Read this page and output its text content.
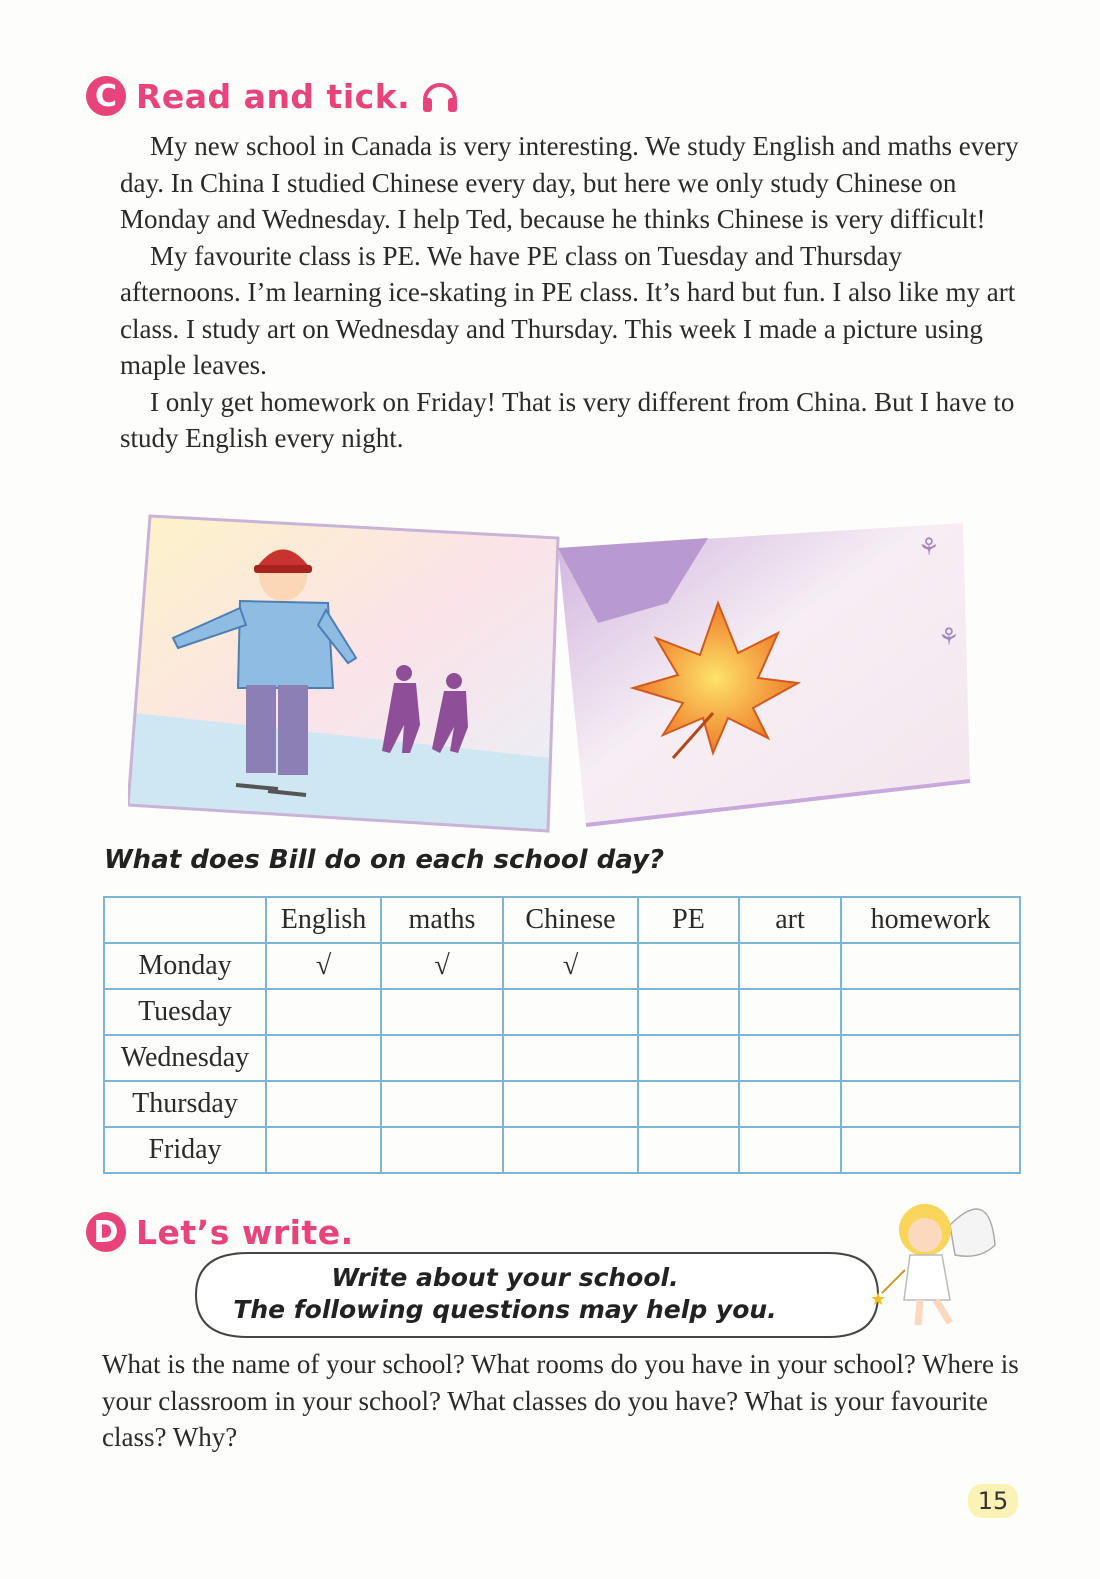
C Read and tick.

My new school in Canada is very interesting. We study English and maths every day. In China I studied Chinese every day, but here we only study Chinese on Monday and Wednesday. I help Ted, because he thinks Chinese is very difficult!

My favourite class is PE. We have PE class on Tuesday and Thursday afternoons. I’m learning ice-skating in PE class. It’s hard but fun. I also like my art class. I study art on Wednesday and Thursday. This week I made a picture using maple leaves.

I only get homework on Friday! That is very different from China. But I have to study English every night.

⚘
⚘
What does Bill do on each school day?
	English	maths	Chinese	PE	art	homework
Monday	√	√	√			
Tuesday						
Wednesday						
Thursday						
Friday						
D Let’s write.
Write about your school.
The following questions may help you.	★
What is the name of your school? What rooms do you have in your school? Where is your classroom in your school? What classes do you have? What is your favourite class? Why?
15
